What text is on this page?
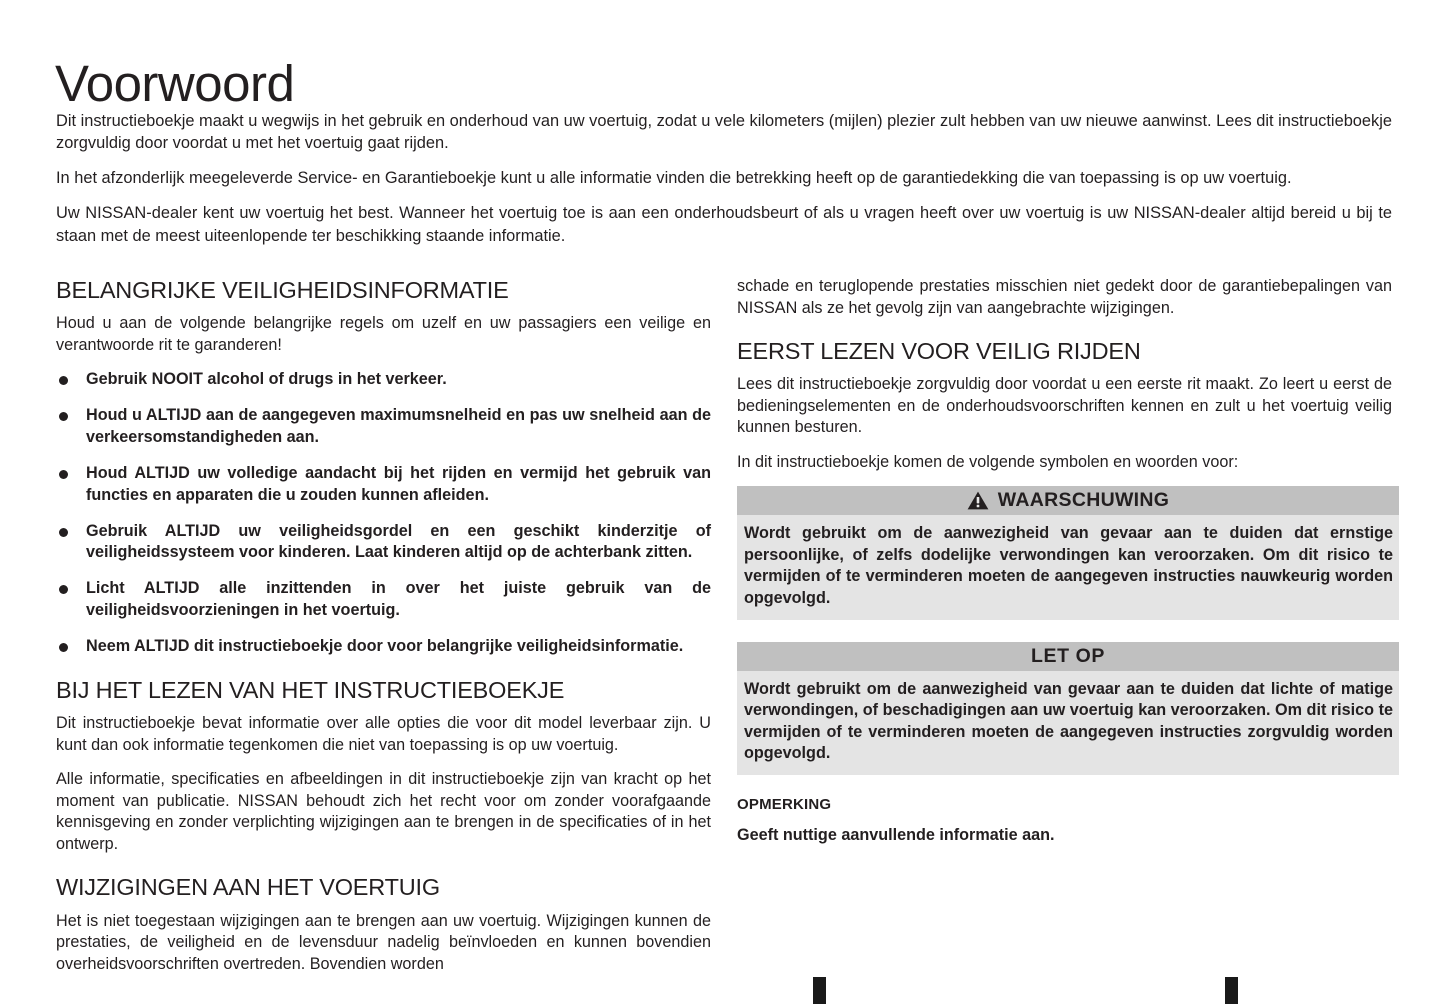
Voorwoord

Dit instructieboekje maakt u wegwijs in het gebruik en onderhoud van uw voertuig, zodat u vele kilometers (mijlen) plezier zult hebben van uw nieuwe aanwinst. Lees dit instructieboekje zorgvuldig door voordat u met het voertuig gaat rijden.

In het afzonderlijk meegeleverde Service- en Garantieboekje kunt u alle informatie vinden die betrekking heeft op de garantiedekking die van toepassing is op uw voertuig.

Uw NISSAN-dealer kent uw voertuig het best. Wanneer het voertuig toe is aan een onderhoudsbeurt of als u vragen heeft over uw voertuig is uw NISSAN-dealer altijd bereid u bij te staan met de meest uiteenlopende ter beschikking staande informatie.

BELANGRIJKE VEILIGHEIDSINFORMATIE

Houd u aan de volgende belangrijke regels om uzelf en uw passagiers een veilige en verantwoorde rit te garanderen!

Gebruik NOOIT alcohol of drugs in het verkeer.
Houd u ALTIJD aan de aangegeven maximumsnelheid en pas uw snelheid aan de verkeersomstandigheden aan.
Houd ALTIJD uw volledige aandacht bij het rijden en vermijd het gebruik van functies en apparaten die u zouden kunnen afleiden.
Gebruik ALTIJD uw veiligheidsgordel en een geschikt kinderzitje of veiligheidssysteem voor kinderen. Laat kinderen altijd op de achterbank zitten.
Licht ALTIJD alle inzittenden in over het juiste gebruik van de veiligheidsvoorzieningen in het voertuig.
Neem ALTIJD dit instructieboekje door voor belangrijke veiligheidsinformatie.
BIJ HET LEZEN VAN HET INSTRUCTIEBOEKJE

Dit instructieboekje bevat informatie over alle opties die voor dit model leverbaar zijn. U kunt dan ook informatie tegenkomen die niet van toepassing is op uw voertuig.

Alle informatie, specificaties en afbeeldingen in dit instructieboekje zijn van kracht op het moment van publicatie. NISSAN behoudt zich het recht voor om zonder voorafgaande kennisgeving en zonder verplichting wijzigingen aan te brengen in de specificaties of in het ontwerp.

WIJZIGINGEN AAN HET VOERTUIG

Het is niet toegestaan wijzigingen aan te brengen aan uw voertuig. Wijzigingen kunnen de prestaties, de veiligheid en de levensduur nadelig beïnvloeden en kunnen bovendien overheidsvoorschriften overtreden. Bovendien worden

schade en teruglopende prestaties misschien niet gedekt door de garantiebepalingen van NISSAN als ze het gevolg zijn van aangebrachte wijzigingen.

EERST LEZEN VOOR VEILIG RIJDEN

Lees dit instructieboekje zorgvuldig door voordat u een eerste rit maakt. Zo leert u eerst de bedieningselementen en de onderhoudsvoorschriften kennen en zult u het voertuig veilig kunnen besturen.

In dit instructieboekje komen de volgende symbolen en woorden voor:

WAARSCHUWING
Wordt gebruikt om de aanwezigheid van gevaar aan te duiden dat ernstige persoonlijke, of zelfs dodelijke verwondingen kan veroorzaken. Om dit risico te vermijden of te verminderen moeten de aangegeven instructies nauwkeurig worden opgevolgd.
LET OP
Wordt gebruikt om de aanwezigheid van gevaar aan te duiden dat lichte of matige verwondingen, of beschadigingen aan uw voertuig kan veroorzaken. Om dit risico te vermijden of te verminderen moeten de aangegeven instructies zorgvuldig worden opgevolgd.

OPMERKING

Geeft nuttige aanvullende informatie aan.
